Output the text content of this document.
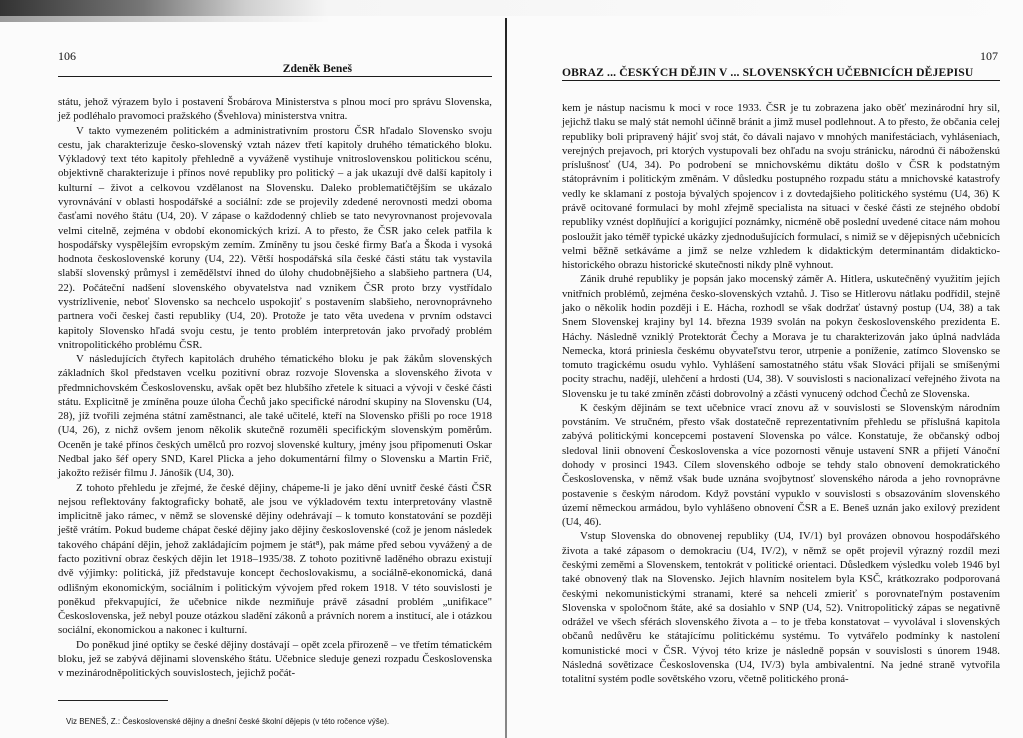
106
Zdeněk Beneš

státu, jehož výrazem bylo i postavení Šrobárova Ministerstva s plnou mocí pro správu Slovenska, jež podléhalo pravomoci pražského (Švehlova) ministerstva vnitra.

V takto vymezeném politickém a administrativním prostoru ČSR hľadalo Slovensko svoju cestu, jak charakterizuje česko-slovenský vztah název třetí kapitoly druhého tématického bloku. Výkladový text této kapitoly přehledně a vyváženě vystihuje vnitroslovenskou politickou scénu, objektivně charakterizuje i přínos nové republiky pro politický – a jak ukazují dvě další kapitoly i kulturní – život a celkovou vzdělanost na Slovensku. Daleko problematičtějším se ukázalo vyrovnávání v oblasti hospodářské a sociální: zde se projevily zdedené nerovnosti medzi oboma časťami nového štátu (U4, 20). V zápase o každodenný chlieb se tato nevyrovnanost projevovala velmi citelně, zejména v období ekonomických krizí. A to přesto, že ČSR jako celek patřila k hospodářsky vyspělejším evropským zemím. Zmíněny tu jsou české firmy Baťa a Škoda i vysoká hodnota československé koruny (U4, 22). Větší hospodářská síla české části státu tak vystavila slabší slovenský průmysl i zemědělství ihned do úlohy chudobnějšieho a slabšieho partnera (U4, 22). Počáteční nadšení slovenského obyvatelstva nad vznikem ČSR proto brzy vystřídalo vystrízlivenie, neboť Slovensko sa nechcelo uspokojiť s postavením slabšieho, nerovnoprávneho partnera voči českej časti republiky (U4, 20). Protože je tato věta uvedena v prvním odstavci kapitoly Slovensko hľadá svoju cestu, je tento problém interpretován jako prvořadý problém vnitropolitického problému ČSR.

V následujících čtyřech kapitolách druhého tématického bloku je pak žákům slovenských základních škol představen vcelku pozitivní obraz rozvoje Slovenska a slovenského života v předmnichovském Československu, avšak opět bez hlubšího zřetele k situaci a vývoji v české části státu. Explicitně je zmíněna pouze úloha Čechů jako specifické národní skupiny na Slovensku (U4, 28), jíž tvořili zejména státní zaměstnanci, ale také učitelé, kteří na Slovensko přišli po roce 1918 (U4, 26), z nichž ovšem jenom několik skutečně rozuměli specifickým slovenským poměrům. Oceněn je také přínos českých umělců pro rozvoj slovenské kultury, jmény jsou připomenuti Oskar Nedbal jako šéf opery SND, Karel Plicka a jeho dokumentární filmy o Slovensku a Martin Frič, jakožto režisér filmu J. Jánošík (U4, 30).

Z tohoto přehledu je zřejmé, že české dějiny, chápeme-li je jako dění uvnitř české části ČSR nejsou reflektovány faktograficky bohatě, ale jsou ve výkladovém textu interpretovány vlastně implicitně jako rámec, v němž se slovenské dějiny odehrávají – k tomuto konstatování se později ještě vrátím. Pokud budeme chápat české dějiny jako dějiny československé (což je jenom následek takového chápání dějin, jehož zakládajícím pojmem je stát⁸), pak máme před sebou vyvážený a de facto pozitivní obraz českých dějin let 1918–1935/38. Z tohoto pozitivně laděného obrazu existují dvě výjimky: politická, jíž představuje koncept čechoslovakismu, a sociálně-ekonomická, daná odlišným ekonomickým, sociálním i politickým vývojem před rokem 1918. V této souvislosti je poněkud překvapující, že učebnice nikde nezmiňuje právě zásadní problém „unifikace" Československa, jež nebyl pouze otázkou sladění zákonů a právních norem a institucí, ale i otázkou sociální, ekonomickou a nakonec i kulturní.

Do poněkud jiné optiky se české dějiny dostávají – opět zcela přirozeně – ve třetím tématickém bloku, jež se zabývá dějinami slovenského štátu. Učebnice sleduje genezi rozpadu Československa v mezinárodněpolitických souvislostech, jejichž počát-

Viz BENEŠ, Z.: Československé dějiny a dnešní české školní dějepis (v této ročence výše).
107
OBRAZ ... ČESKÝCH DĚJIN V ... SLOVENSKÝCH UČEBNICÍCH DĚJEPISU

kem je nástup nacismu k moci v roce 1933. ČSR je tu zobrazena jako oběť mezinárodní hry sil, jejichž tlaku se malý stát nemohl účinně bránit a jimž musel podlehnout. A to přesto, že občania celej republiky boli pripravený hájiť svoj stát, čo dávali najavo v mnohých manifestáciach, vyhláseniach, verejných prejavoch, pri ktorých vystupovali bez ohľadu na svoju stránicku, národnú či náboženskú príslušnosť (U4, 34). Po podrobení se mnichovskému diktátu došlo v ČSR k podstatným státoprávním i politickým změnám. V důsledku postupného rozpadu státu a mnichovské katastrofy vedly ke sklamaní z postoja bývalých spojencov i z dovtedajšieho politického systému (U4, 36) K právě ocitované formulaci by mohl zřejmě specialista na situaci v české části ze stejného období republiky vznést doplňující a korigující poznámky, nicméně obě poslední uvedené citace nám mohou posloužit jako téměř typické ukázky zjednodušujících formulací, s nimiž se v dějepisných učebnicích velmi běžně setkáváme a jimž se nelze vzhledem k didaktickým determinantám didakticko-historického obrazu historické skutečnosti nikdy plně vyhnout.

Zánik druhé republiky je popsán jako mocenský záměr A. Hitlera, uskutečněný využitím jejích vnitřních problémů, zejména česko-slovenských vztahů. J. Tiso se Hitlerovu nátlaku podřídil, stejně jako o několik hodin později i E. Hácha, rozhodl se však dodržať ústavný postup (U4, 38) a tak Snem Slovenskej krajiny byl 14. března 1939 svolán na pokyn československého prezidenta E. Háchy. Následně vzniklý Protektorát Čechy a Morava je tu charakterizován jako úplná nadvláda Nemecka, ktorá priniesla českému obyvateľstvu teror, utrpenie a poníženie, zatímco Slovensko se tomuto tragickému osudu vyhlo. Vyhlášení samostatného státu však Slováci přijali se smíšenými pocity strachu, nadějí, ulehčení a hrdosti (U4, 38). V souvislosti s nacionalizací veřejného života na Slovensku je tu také zmíněn zčásti dobrovolný a zčásti vynucený odchod Čechů ze Slovenska.

K českým dějinám se text učebnice vrací znovu až v souvislosti se Slovenským národním povstáním. Ve stručném, přesto však dostatečně reprezentativním přehledu se příslušná kapitola zabývá politickými koncepcemi postavení Slovenska po válce. Konstatuje, že občanský odboj sledoval linii obnovení Československa a více pozornosti věnuje ustavení SNR a přijetí Vánoční dohody v prosinci 1943. Cílem slovenského odboje se tehdy stalo obnovení demokratického Československa, v němž však bude uznána svojbytnosť slovenského národa a jeho rovnoprávne postavenie s českým národom. Když povstání vypuklo v souvislosti s obsazováním slovenského území německou armádou, bylo vyhlášeno obnovení ČSR a E. Beneš uznán jako exilový prezident (U4, 46).

Vstup Slovenska do obnovenej republiky (U4, IV/1) byl provázen obnovou hospodářského života a také zápasom o demokraciu (U4, IV/2), v němž se opět projevil výrazný rozdíl mezi českými zeměmi a Slovenskem, tentokrát v politické orientaci. Důsledkem výsledku voleb 1946 byl také obnovený tlak na Slovensko. Jejich hlavním nositelem byla KSČ, krátkozrako podporovaná českými nekomunistickými stranami, které sa nehceli zmieriť s porovnateľným postavením Slovenska v spoločnom štáte, aké sa dosiahlo v SNP (U4, 52). Vnitropolitický zápas se negativně odrážel ve všech sférách slovenského života a – to je třeba konstatovat – vyvolával i slovenských občanů nedůvěru ke státajícímu politickému systému. To vytvářelo podmínky k nastolení komunistické moci v ČSR. Vývoj této krize je následně popsán v souvislosti s únorem 1948. Následná sovětizace Československa (U4, IV/3) byla ambivalentní. Na jedné straně vytvořila totalitní systém podle sovětského vzoru, včetně politického proná-
